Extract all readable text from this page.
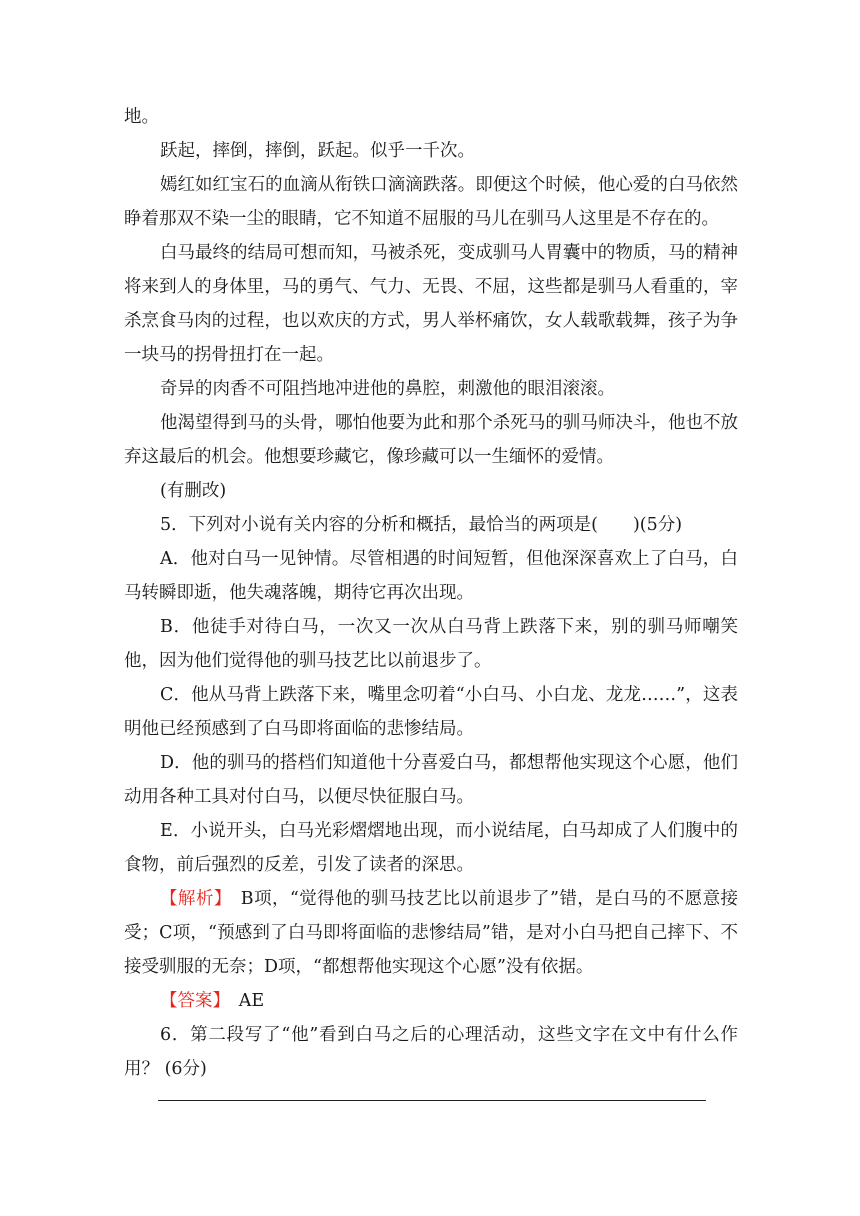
地。

跃起，摔倒，摔倒，跃起。似乎一千次。

嫣红如红宝石的血滴从衔铁口滴滴跌落。即便这个时候，他心爱的白马依然睁着那双不染一尘的眼睛，它不知道不屈服的马儿在驯马人这里是不存在的。

白马最终的结局可想而知，马被杀死，变成驯马人胃囊中的物质，马的精神将来到人的身体里，马的勇气、气力、无畏、不屈，这些都是驯马人看重的，宰杀烹食马肉的过程，也以欢庆的方式，男人举杯痛饮，女人载歌载舞，孩子为争一块马的拐骨扭打在一起。

奇异的肉香不可阻挡地冲进他的鼻腔，刺激他的眼泪滚滚。

他渴望得到马的头骨，哪怕他要为此和那个杀死马的驯马师决斗，他也不放弃这最后的机会。他想要珍藏它，像珍藏可以一生缅怀的爱情。

(有删改)

5．下列对小说有关内容的分析和概括，最恰当的两项是(　　)(5分)

A．他对白马一见钟情。尽管相遇的时间短暂，但他深深喜欢上了白马，白马转瞬即逝，他失魂落魄，期待它再次出现。

B．他徒手对待白马，一次又一次从白马背上跌落下来，别的驯马师嘲笑他，因为他们觉得他的驯马技艺比以前退步了。

C．他从马背上跌落下来，嘴里念叨着“小白马、小白龙、龙龙……”，这表明他已经预感到了白马即将面临的悲惨结局。

D．他的驯马的搭档们知道他十分喜爱白马，都想帮他实现这个心愿，他们动用各种工具对付白马，以便尽快征服白马。

E．小说开头，白马光彩熠熠地出现，而小说结尾，白马却成了人们腹中的食物，前后强烈的反差，引发了读者的深思。

【解析】　B项，“觉得他的驯马技艺比以前退步了”错，是白马的不愿意接受；C项，“预感到了白马即将面临的悲惨结局”错，是对小白马把自己摔下、不接受驯服的无奈；D项，“都想帮他实现这个心愿”没有依据。

【答案】　AE

6．第二段写了“他”看到白马之后的心理活动，这些文字在文中有什么作用？ (6分)
